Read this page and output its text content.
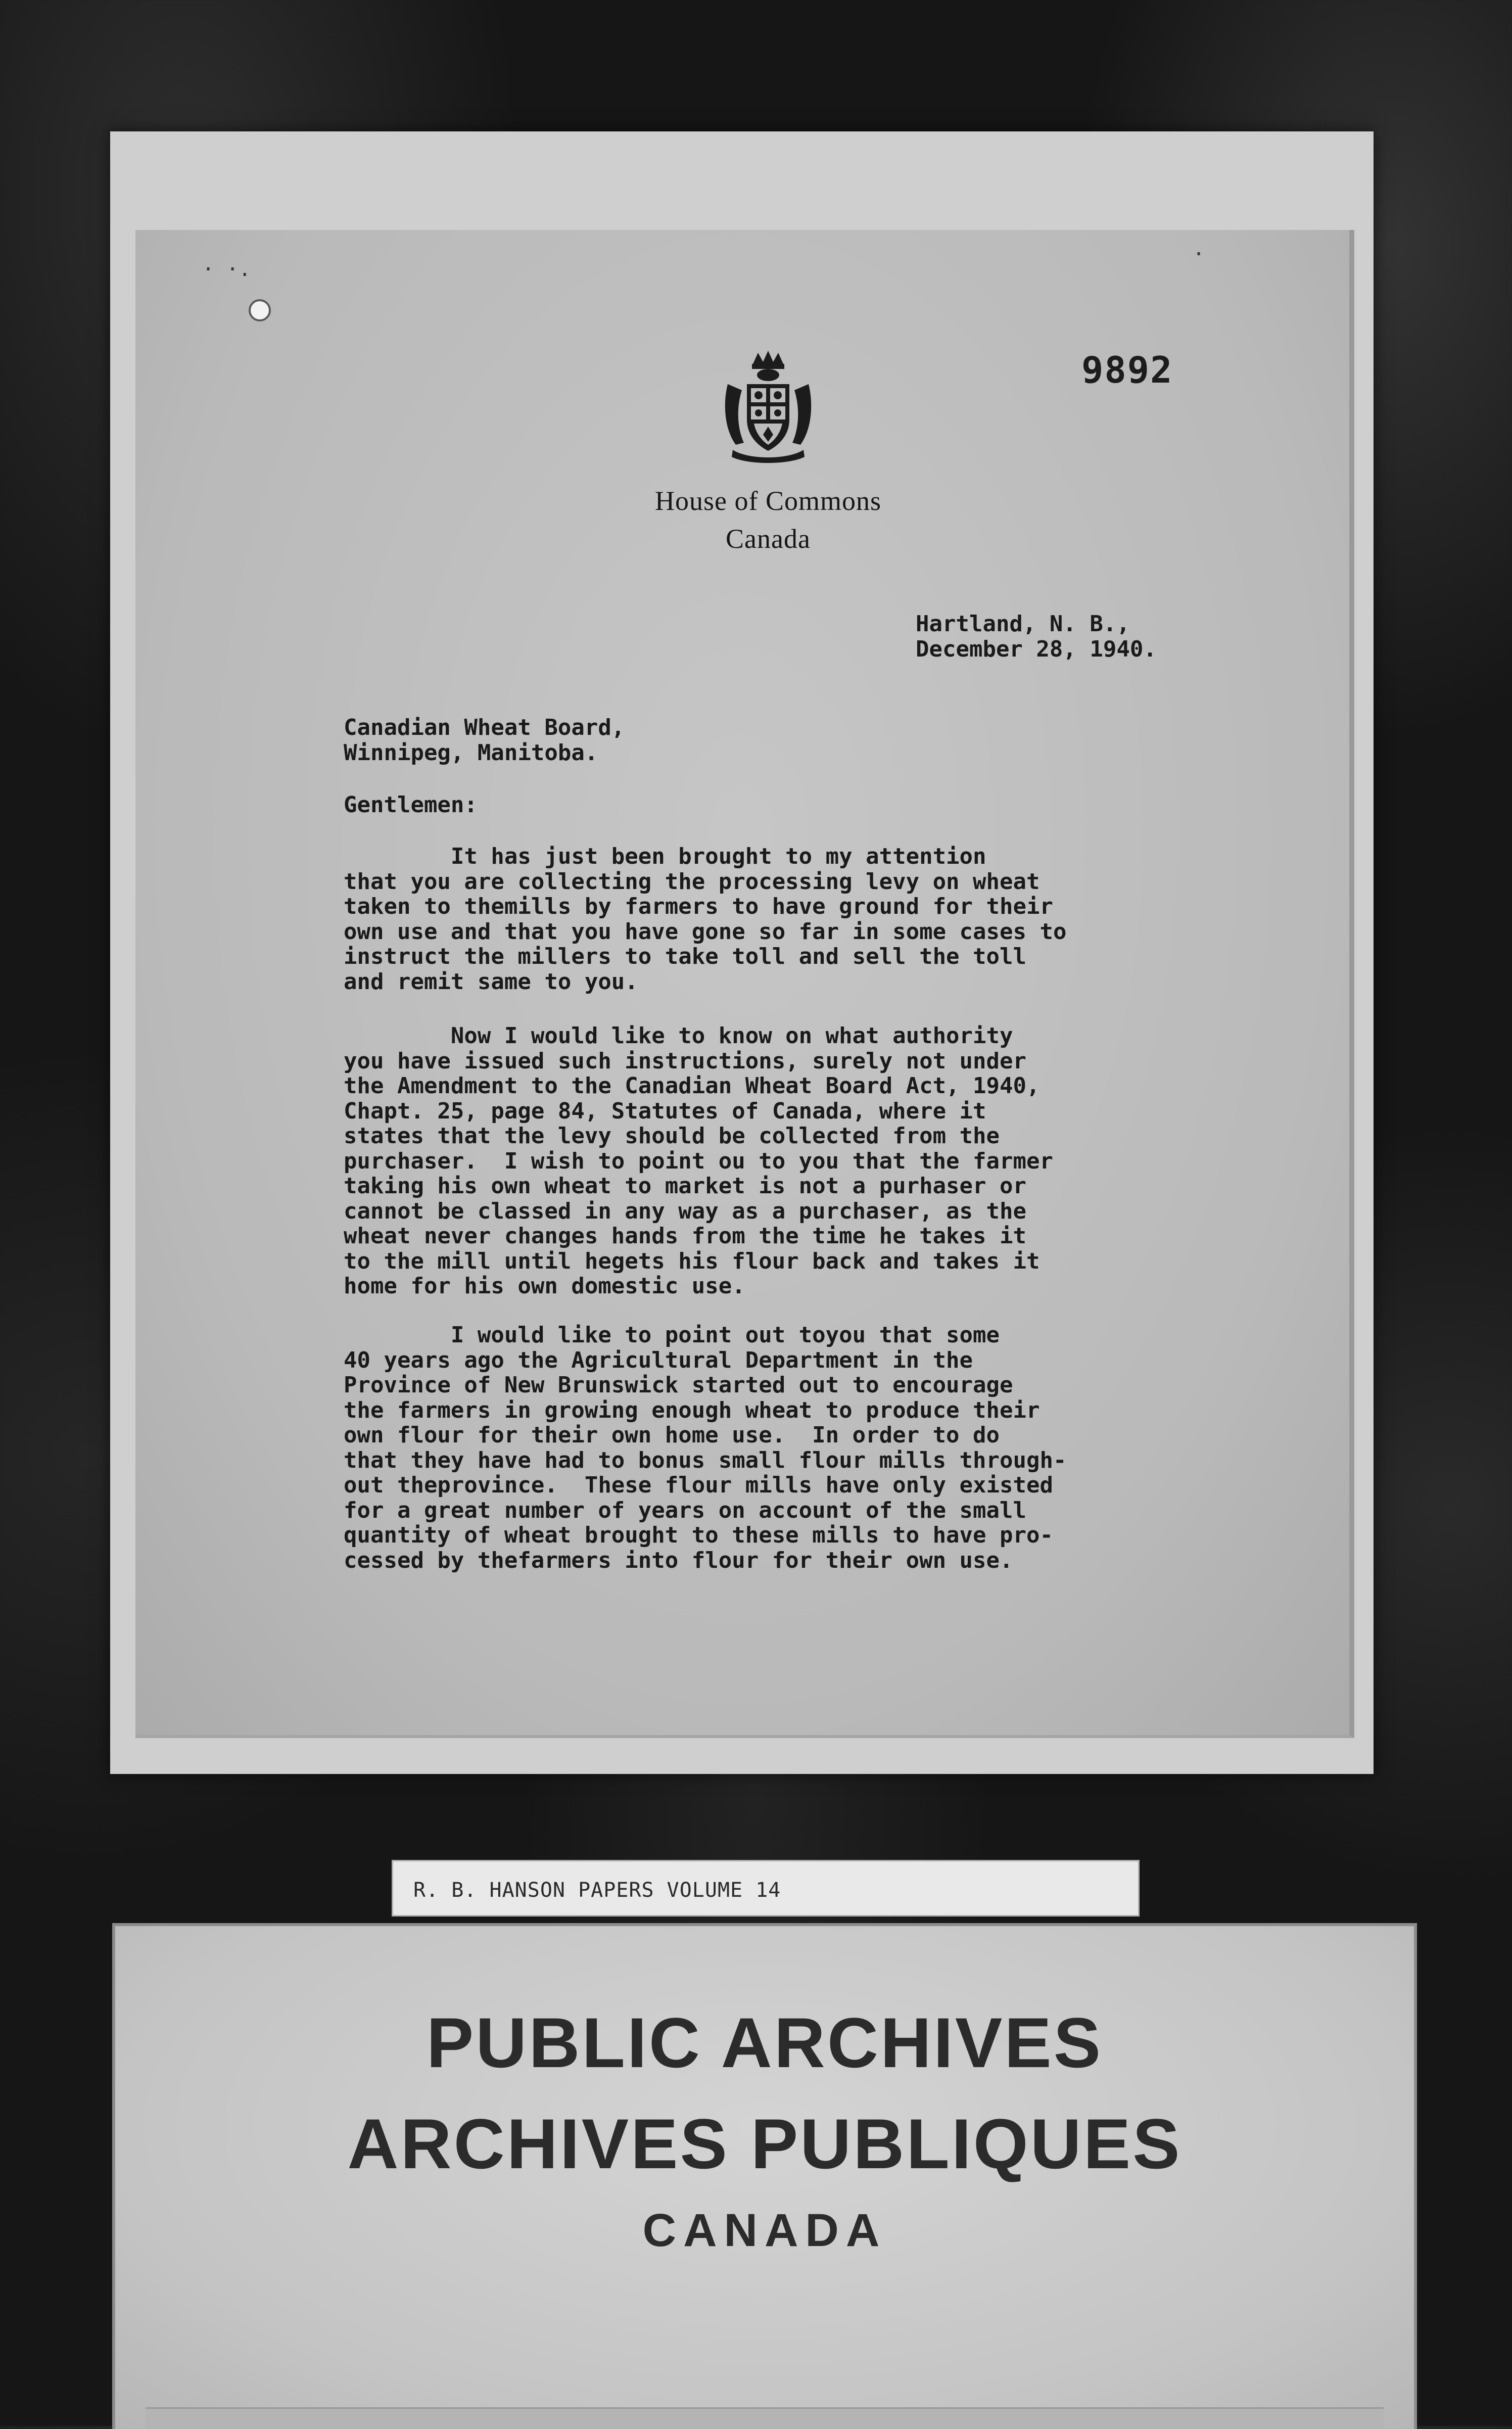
· ·.
·
9892
House of Commons
Canada
Hartland, N. B.,
December 28, 1940.
Canadian Wheat Board,
Winnipeg, Manitoba.
Gentlemen:
It has just been brought to my attention
that you are collecting the processing levy on wheat
taken to themills by farmers to have ground for their
own use and that you have gone so far in some cases to
instruct the millers to take toll and sell the toll
and remit same to you.
Now I would like to know on what authority
you have issued such instructions, surely not under
the Amendment to the Canadian Wheat Board Act, 1940,
Chapt. 25, page 84, Statutes of Canada, where it
states that the levy should be collected from the
purchaser.  I wish to point ou to you that the farmer
taking his own wheat to market is not a purhaser or
cannot be classed in any way as a purchaser, as the
wheat never changes hands from the time he takes it
to the mill until hegets his flour back and takes it
home for his own domestic use.
I would like to point out toyou that some
40 years ago the Agricultural Department in the
Province of New Brunswick started out to encourage
the farmers in growing enough wheat to produce their
own flour for their own home use.  In order to do
that they have had to bonus small flour mills through-
out theprovince.  These flour mills have only existed
for a great number of years on account of the small
quantity of wheat brought to these mills to have pro-
cessed by thefarmers into flour for their own use.
R. B. HANSON PAPERS VOLUME 14
PUBLIC ARCHIVES
ARCHIVES PUBLIQUES
CANADA
